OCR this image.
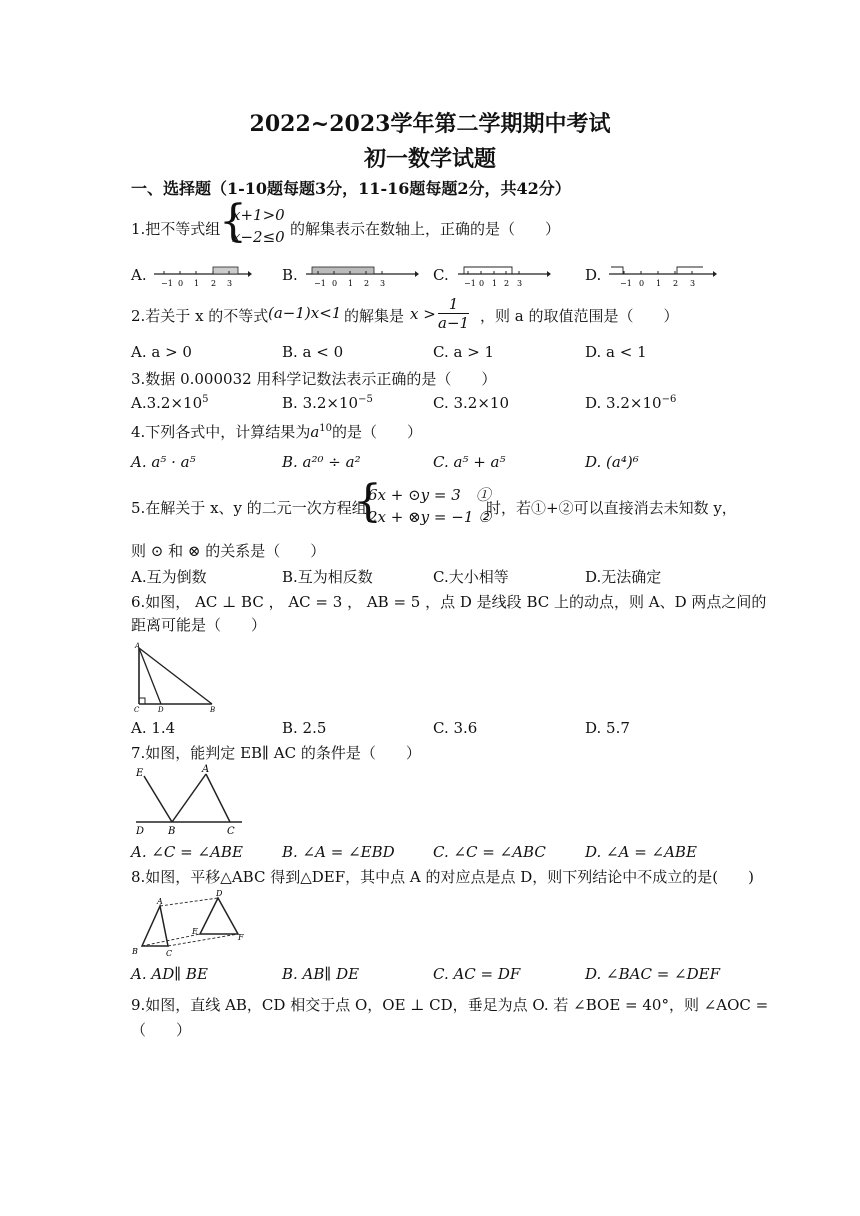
2022~2023学年第二学期期中考试
初一数学试题
一、选择题（1-10题每题3分，11-16题每题2分，共42分）
1.把不等式组
{
x+1>0
x−2≤0 的解集表示在数轴上，正确的是（　　）
A.	B.	C.	D.
−1 0 1 2 3	−1 0 1 2 3	−1 0 1 2 3	−1 0 1 2 3
2.若关于 x 的不等式 (a−1)x<1 的解集是 $x > \frac{1}{a-1}$ ，则 a 的取值范围是（　　）
A. a > 0	B. a < 0	C. a > 1	D. a < 1
3.数据 0.000032 用科学记数法表示正确的是（　　）
$A.3.2\times 10^5$	B. $3.2\times 10^{-5}$	C. 3.2×10	D. $3.2\times 10^{-6}$
4.下列各式中，计算结果为$a^{10}$的是（　　）
A. a⁵ · a⁵	B. a²⁰ ÷ a²	C. a⁵ + a⁵	D. (a⁴)⁶
5.在解关于 x、y 的二元一次方程组
{
6x + ⊙y = 3　①
2x + ⊗y = −1 ②
时，若①+②可以直接消去未知数 y，
则 ⊙ 和 ⊗ 的关系是（　　）
A.互为倒数	B.互为相反数	C.大小相等	D.无法确定
6.如图， AC ⊥ BC ， AC = 3 ， AB = 5 ，点 D 是线段 BC 上的动点，则 A、D 两点之间的
距离可能是（　　）
A
C	D	B
A. 1.4	B. 2.5	C. 3.6	D. 5.7
7.如图，能判定 EB∥ AC 的条件是（　　）
E	A
D B	C
A. ∠C = ∠ABE	B. ∠A = ∠EBD	C. ∠C = ∠ABC	D. ∠A = ∠ABE
8.如图，平移△ABC 得到△DEF，其中点 A 的对应点是点 D，则下列结论中不成立的是(　　)
A
D
B	C
E
F
A. AD∥ BE	B. AB∥ DE	C. AC = DF	D. ∠BAC = ∠DEF
9.如图，直线 AB，CD 相交于点 O，OE ⊥ CD，垂足为点 O. 若 ∠BOE = 40°，则 ∠AOC =
（　　）
